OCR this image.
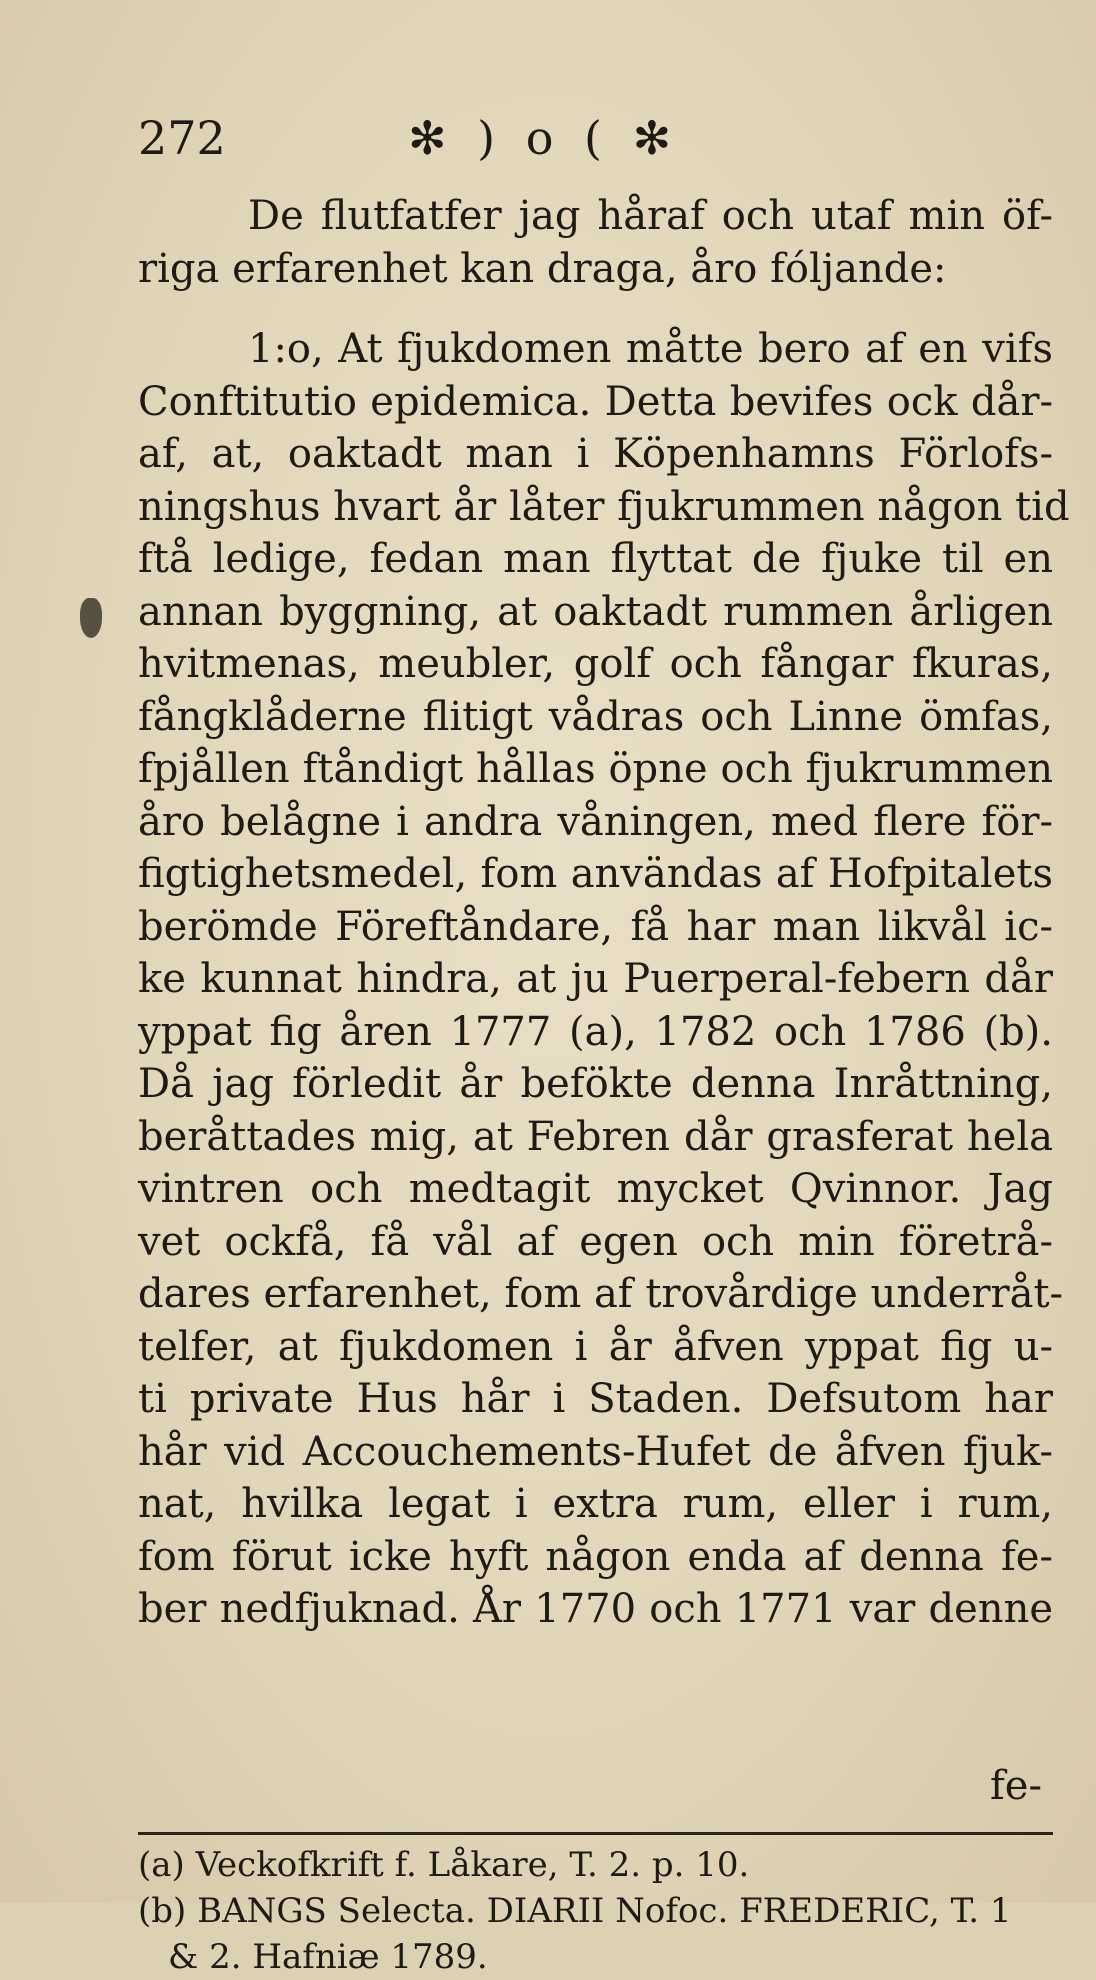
272	✻ ) o ( ✻
De flutfatfer jag håraf och utaf min öf-
riga erfarenhet kan draga, åro fóljande:
1:o, At fjukdomen måtte bero af en vifs
Conftitutio epidemica. Detta bevifes ock dår-
af, at, oaktadt man i Köpenhamns Förlofs-
ningshus hvart år låter fjukrummen någon tid
ftå ledige, fedan man flyttat de fjuke til en
annan byggning, at oaktadt rummen årligen
hvitmenas, meubler, golf och fångar fkuras,
fångklåderne flitigt vådras och Linne ömfas,
fpjållen ftåndigt hållas öpne och fjukrummen
åro belågne i andra våningen, med flere för-
figtighetsmedel, fom användas af Hofpitalets
berömde Föreftåndare, få har man likvål ic-
ke kunnat hindra, at ju Puerperal-febern dår
yppat fig åren 1777 (a), 1782 och 1786 (b).
Då jag förledit år befökte denna Inråttning,
beråttades mig, at Febren dår grasferat hela
vintren och medtagit mycket Qvinnor. Jag
vet ockfå, få vål af egen och min företrå-
dares erfarenhet, fom af trovårdige underråt-
telfer, at fjukdomen i år åfven yppat fig u-
ti private Hus hår i Staden. Defsutom har
hår vid Accouchements-Hufet de åfven fjuk-
nat, hvilka legat i extra rum, eller i rum,
fom förut icke hyft någon enda af denna fe-
ber nedfjuknad. År 1770 och 1771 var denne
fe-
(a) Veckofkrift f. Låkare, T. 2. p. 10.
(b) BANGS Selecta. DIARII Nofoc. FREDERIC, T. 1
& 2. Hafniæ 1789.
